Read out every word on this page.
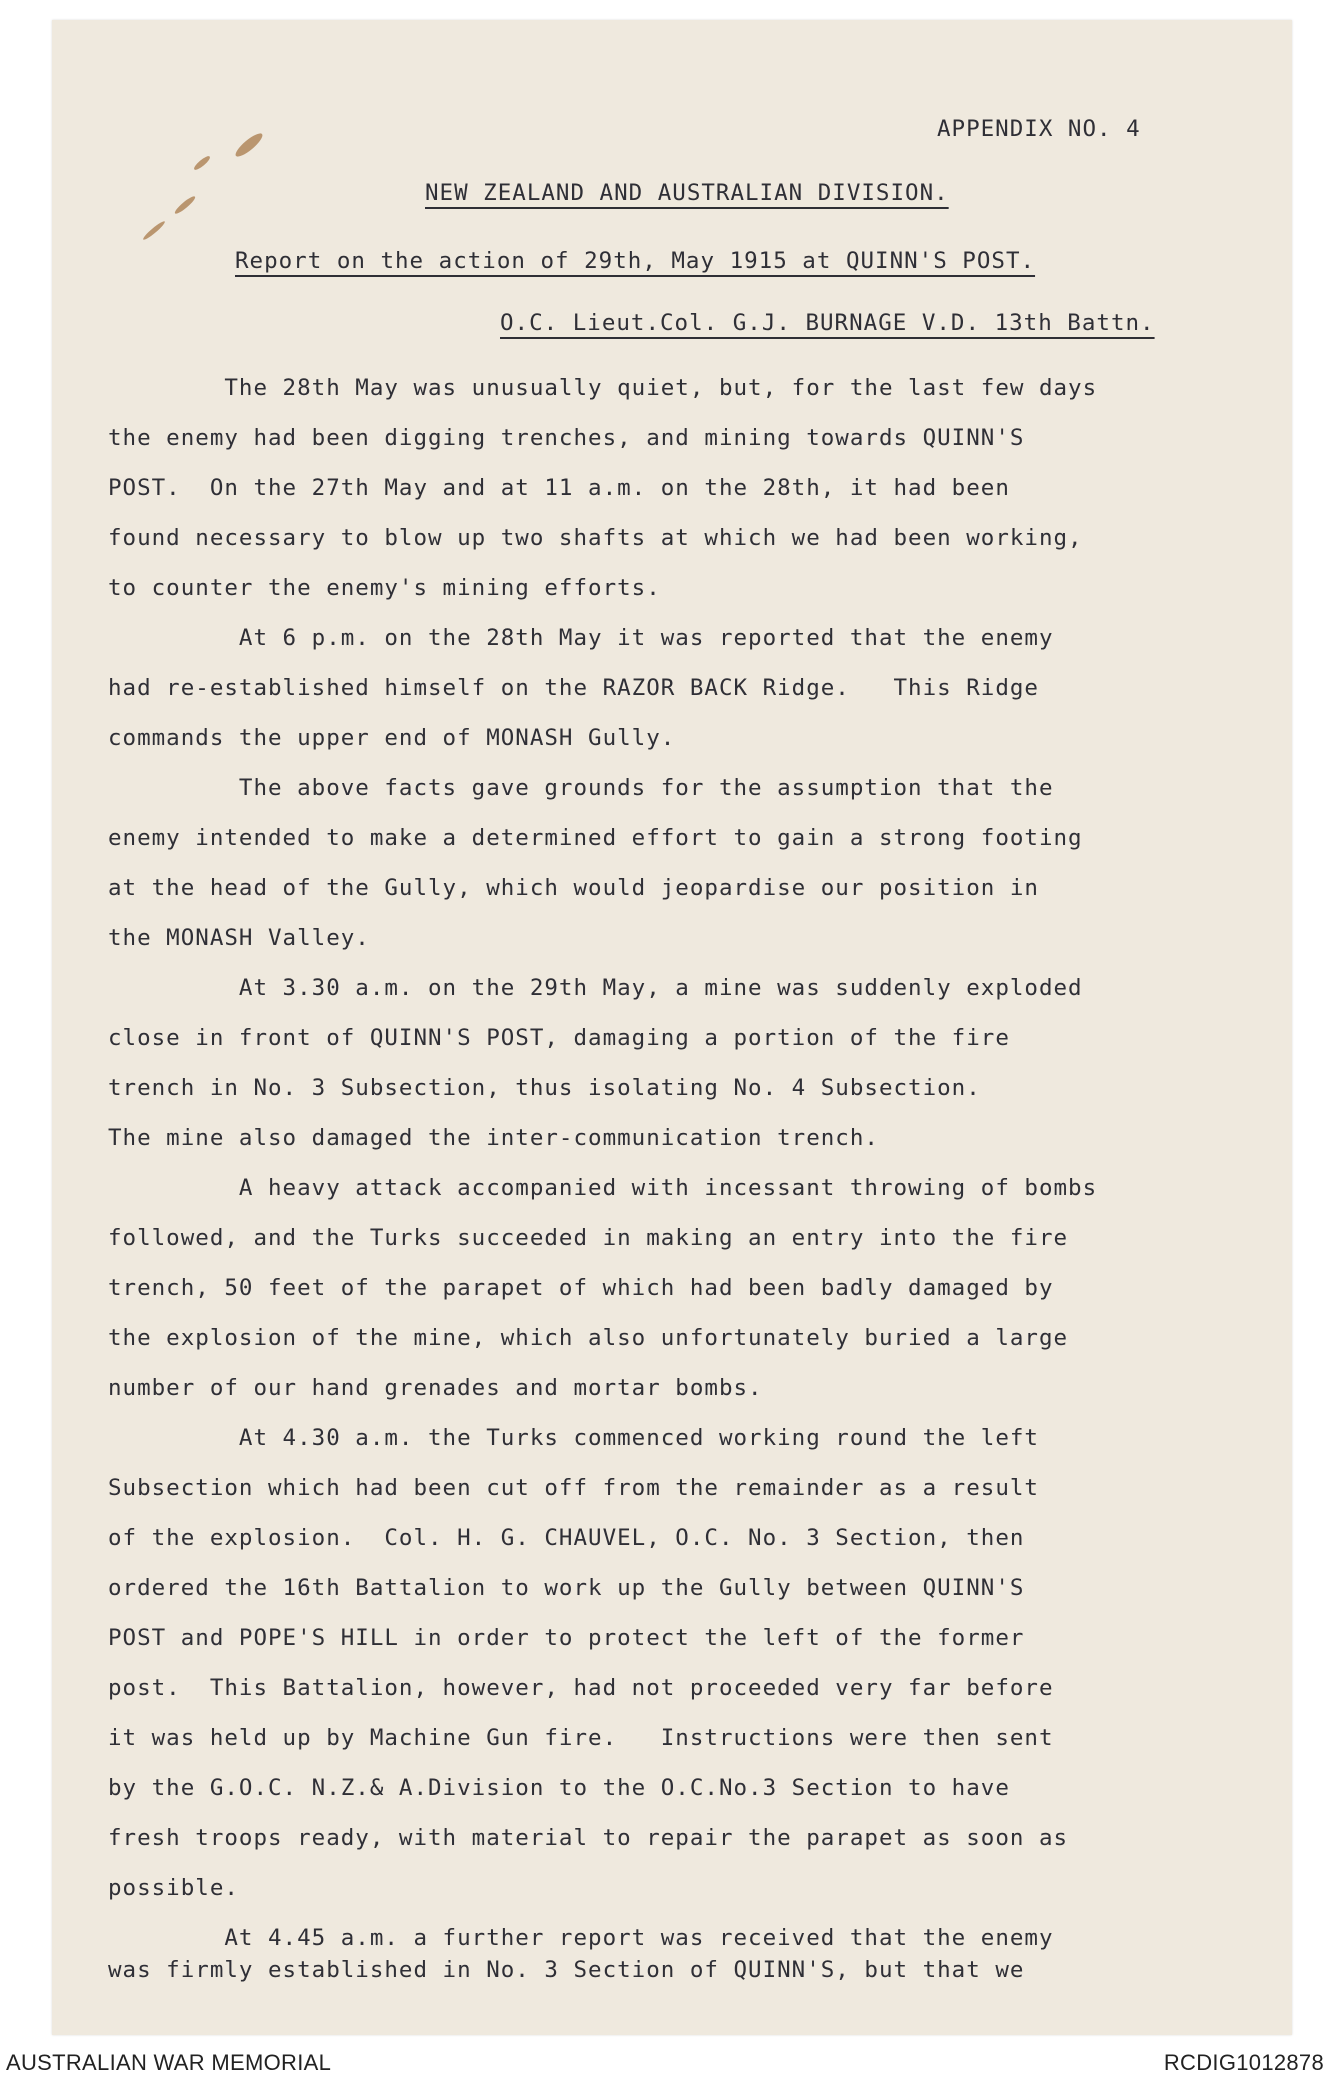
APPENDIX NO. 4
NEW ZEALAND AND AUSTRALIAN DIVISION.
Report on the action of 29th, May 1915 at QUINN'S POST.
O.C. Lieut.Col. G.J. BURNAGE V.D. 13th Battn.
The 28th May was unusually quiet, but, for the last few days
the enemy had been digging trenches, and mining towards QUINN'S
POST.  On the 27th May and at 11 a.m. on the 28th, it had been
found necessary to blow up two shafts at which we had been working,
to counter the enemy's mining efforts.
At 6 p.m. on the 28th May it was reported that the enemy
had re-established himself on the RAZOR BACK Ridge.   This Ridge
commands the upper end of MONASH Gully.
The above facts gave grounds for the assumption that the
enemy intended to make a determined effort to gain a strong footing
at the head of the Gully, which would jeopardise our position in
the MONASH Valley.
At 3.30 a.m. on the 29th May, a mine was suddenly exploded
close in front of QUINN'S POST, damaging a portion of the fire
trench in No. 3 Subsection, thus isolating No. 4 Subsection.
The mine also damaged the inter-communication trench.
A heavy attack accompanied with incessant throwing of bombs
followed, and the Turks succeeded in making an entry into the fire
trench, 50 feet of the parapet of which had been badly damaged by
the explosion of the mine, which also unfortunately buried a large
number of our hand grenades and mortar bombs.
At 4.30 a.m. the Turks commenced working round the left
Subsection which had been cut off from the remainder as a result
of the explosion.  Col. H. G. CHAUVEL, O.C. No. 3 Section, then
ordered the 16th Battalion to work up the Gully between QUINN'S
POST and POPE'S HILL in order to protect the left of the former
post.  This Battalion, however, had not proceeded very far before
it was held up by Machine Gun fire.   Instructions were then sent
by the G.O.C. N.Z.& A.Division to the O.C.No.3 Section to have
fresh troops ready, with material to repair the parapet as soon as
possible.
At 4.45 a.m. a further report was received that the enemy
was firmly established in No. 3 Section of QUINN'S, but that we
AUSTRALIAN WAR MEMORIAL	RCDIG1012878
